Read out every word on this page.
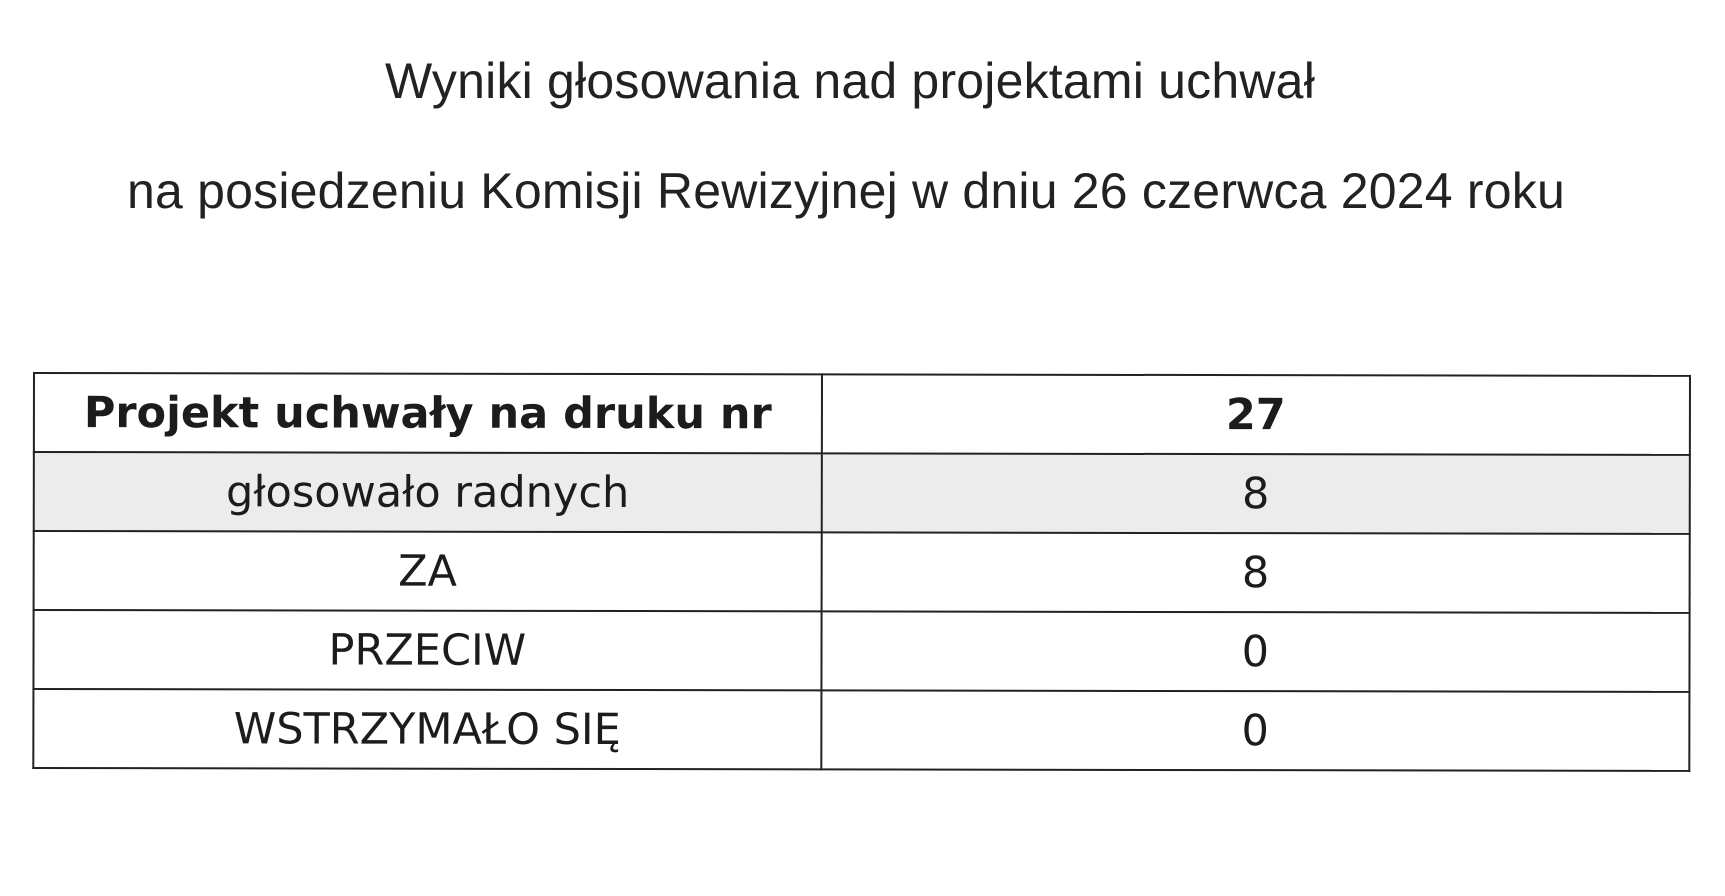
Wyniki głosowania nad projektami uchwał
na posiedzeniu Komisji Rewizyjnej w dniu 26 czerwca 2024 roku
Projekt uchwały na druku nr	27
głosowało radnych	8
ZA	8
PRZECIW	0
WSTRZYMAŁO SIĘ	0
